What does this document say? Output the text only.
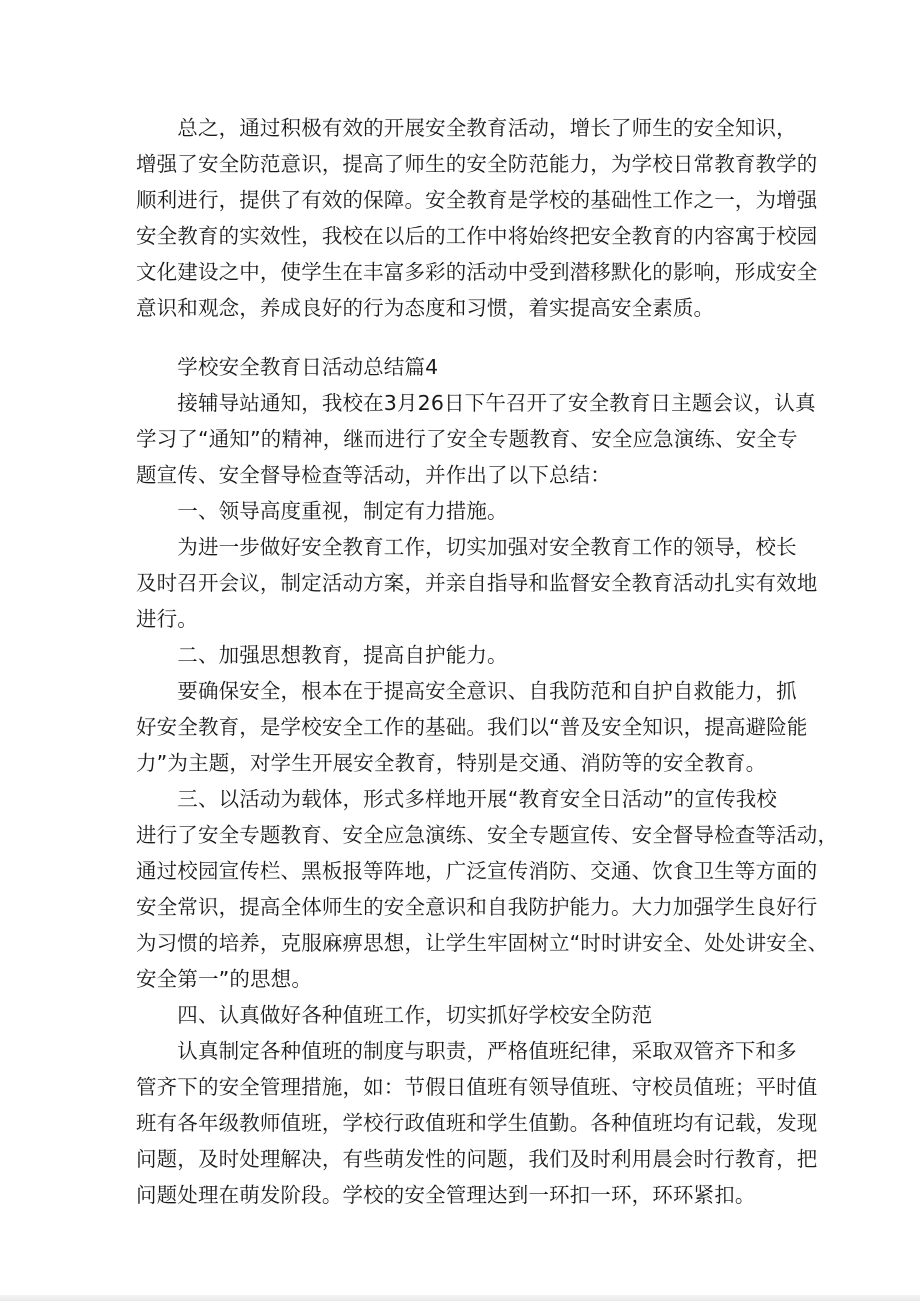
　　总之，通过积极有效的开展安全教育活动，增长了师生的安全知识，
增强了安全防范意识，提高了师生的安全防范能力，为学校日常教育教学的
顺利进行，提供了有效的保障。安全教育是学校的基础性工作之一，为增强
安全教育的实效性，我校在以后的工作中将始终把安全教育的内容寓于校园
文化建设之中，使学生在丰富多彩的活动中受到潜移默化的影响，形成安全
意识和观念，养成良好的行为态度和习惯，着实提高安全素质。
　　学校安全教育日活动总结篇4
　　接辅导站通知，我校在3月26日下午召开了安全教育日主题会议，认真
学习了“通知”的精神，继而进行了安全专题教育、安全应急演练、安全专
题宣传、安全督导检查等活动，并作出了以下总结：
　　一、领导高度重视，制定有力措施。
　　为进一步做好安全教育工作，切实加强对安全教育工作的领导，校长
及时召开会议，制定活动方案，并亲自指导和监督安全教育活动扎实有效地
进行。
　　二、加强思想教育，提高自护能力。
　　要确保安全，根本在于提高安全意识、自我防范和自护自救能力，抓
好安全教育，是学校安全工作的基础。我们以“普及安全知识，提高避险能
力”为主题，对学生开展安全教育，特别是交通、消防等的安全教育。
　　三、以活动为载体，形式多样地开展“教育安全日活动”的宣传我校
进行了安全专题教育、安全应急演练、安全专题宣传、安全督导检查等活动，
通过校园宣传栏、黑板报等阵地，广泛宣传消防、交通、饮食卫生等方面的
安全常识，提高全体师生的安全意识和自我防护能力。大力加强学生良好行
为习惯的培养，克服麻痹思想，让学生牢固树立“时时讲安全、处处讲安全、
安全第一”的思想。
　　四、认真做好各种值班工作，切实抓好学校安全防范
　　认真制定各种值班的制度与职责，严格值班纪律，采取双管齐下和多
管齐下的安全管理措施，如：节假日值班有领导值班、守校员值班；平时值
班有各年级教师值班，学校行政值班和学生值勤。各种值班均有记载，发现
问题，及时处理解决，有些萌发性的问题，我们及时利用晨会时行教育，把
问题处理在萌发阶段。学校的安全管理达到一环扣一环，环环紧扣。
